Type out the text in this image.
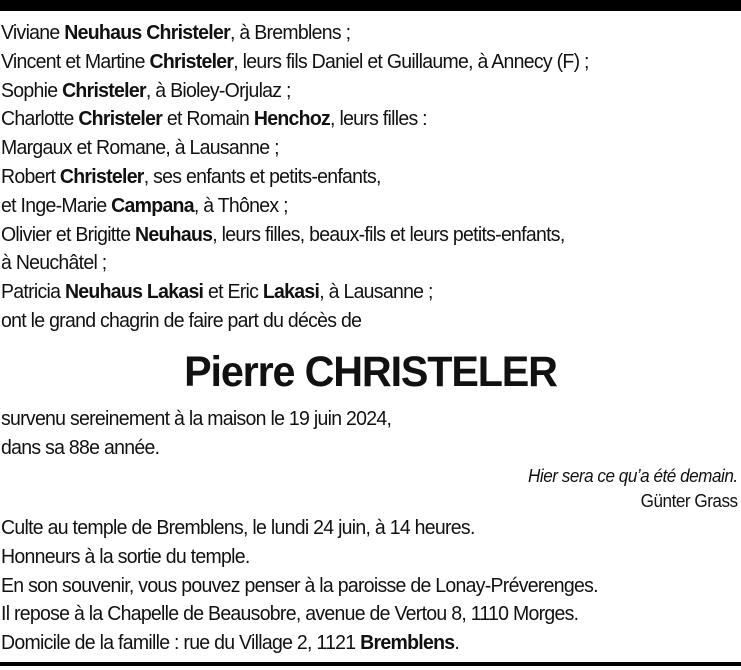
Viviane Neuhaus Christeler, à Bremblens ;
Vincent et Martine Christeler, leurs fils Daniel et Guillaume, à Annecy (F) ;
Sophie Christeler, à Bioley-Orjulaz ;
Charlotte Christeler et Romain Henchoz, leurs filles :
Margaux et Romane, à Lausanne ;
Robert Christeler, ses enfants et petits-enfants,
et Inge-Marie Campana, à Thônex ;
Olivier et Brigitte Neuhaus, leurs filles, beaux-fils et leurs petits-enfants,
à Neuchâtel ;
Patricia Neuhaus Lakasi et Eric Lakasi, à Lausanne ;
ont le grand chagrin de faire part du décès de
Pierre CHRISTELER
survenu sereinement à la maison le 19 juin 2024,
dans sa 88e année.
Hier sera ce qu’a été demain.
Günter Grass
Culte au temple de Bremblens, le lundi 24 juin, à 14 heures.
Honneurs à la sortie du temple.
En son souvenir, vous pouvez penser à la paroisse de Lonay-Préverenges.
Il repose à la Chapelle de Beausobre, avenue de Vertou 8, 1110 Morges.
Domicile de la famille : rue du Village 2, 1121 Bremblens.
